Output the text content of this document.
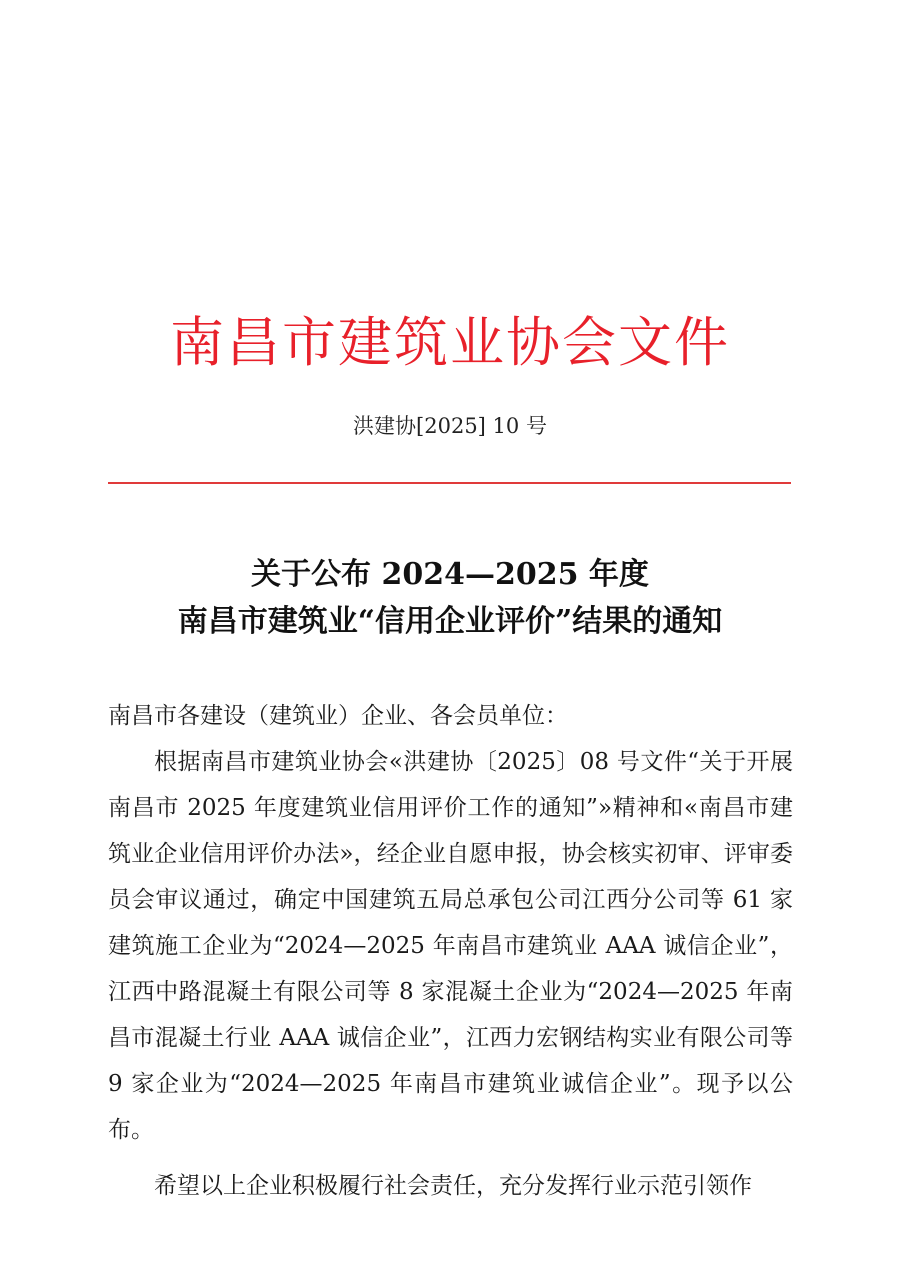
南昌市建筑业协会文件
洪建协[2025] 10 号
关于公布 2024—2025 年度
南昌市建筑业“信用企业评价”结果的通知
南昌市各建设（建筑业）企业、各会员单位：
根据南昌市建筑业协会«洪建协〔2025〕08 号文件“关于开展南昌市 2025 年度建筑业信用评价工作的通知”»精神和«南昌市建筑业企业信用评价办法»，经企业自愿申报，协会核实初审、评审委员会审议通过，确定中国建筑五局总承包公司江西分公司等 61 家建筑施工企业为“2024—2025 年南昌市建筑业 AAA 诚信企业”，江西中路混凝土有限公司等 8 家混凝土企业为“2024—2025 年南昌市混凝土行业 AAA 诚信企业”，江西力宏钢结构实业有限公司等 9 家企业为“2024—2025 年南昌市建筑业诚信企业”。现予以公布。
希望以上企业积极履行社会责任，充分发挥行业示范引领作
